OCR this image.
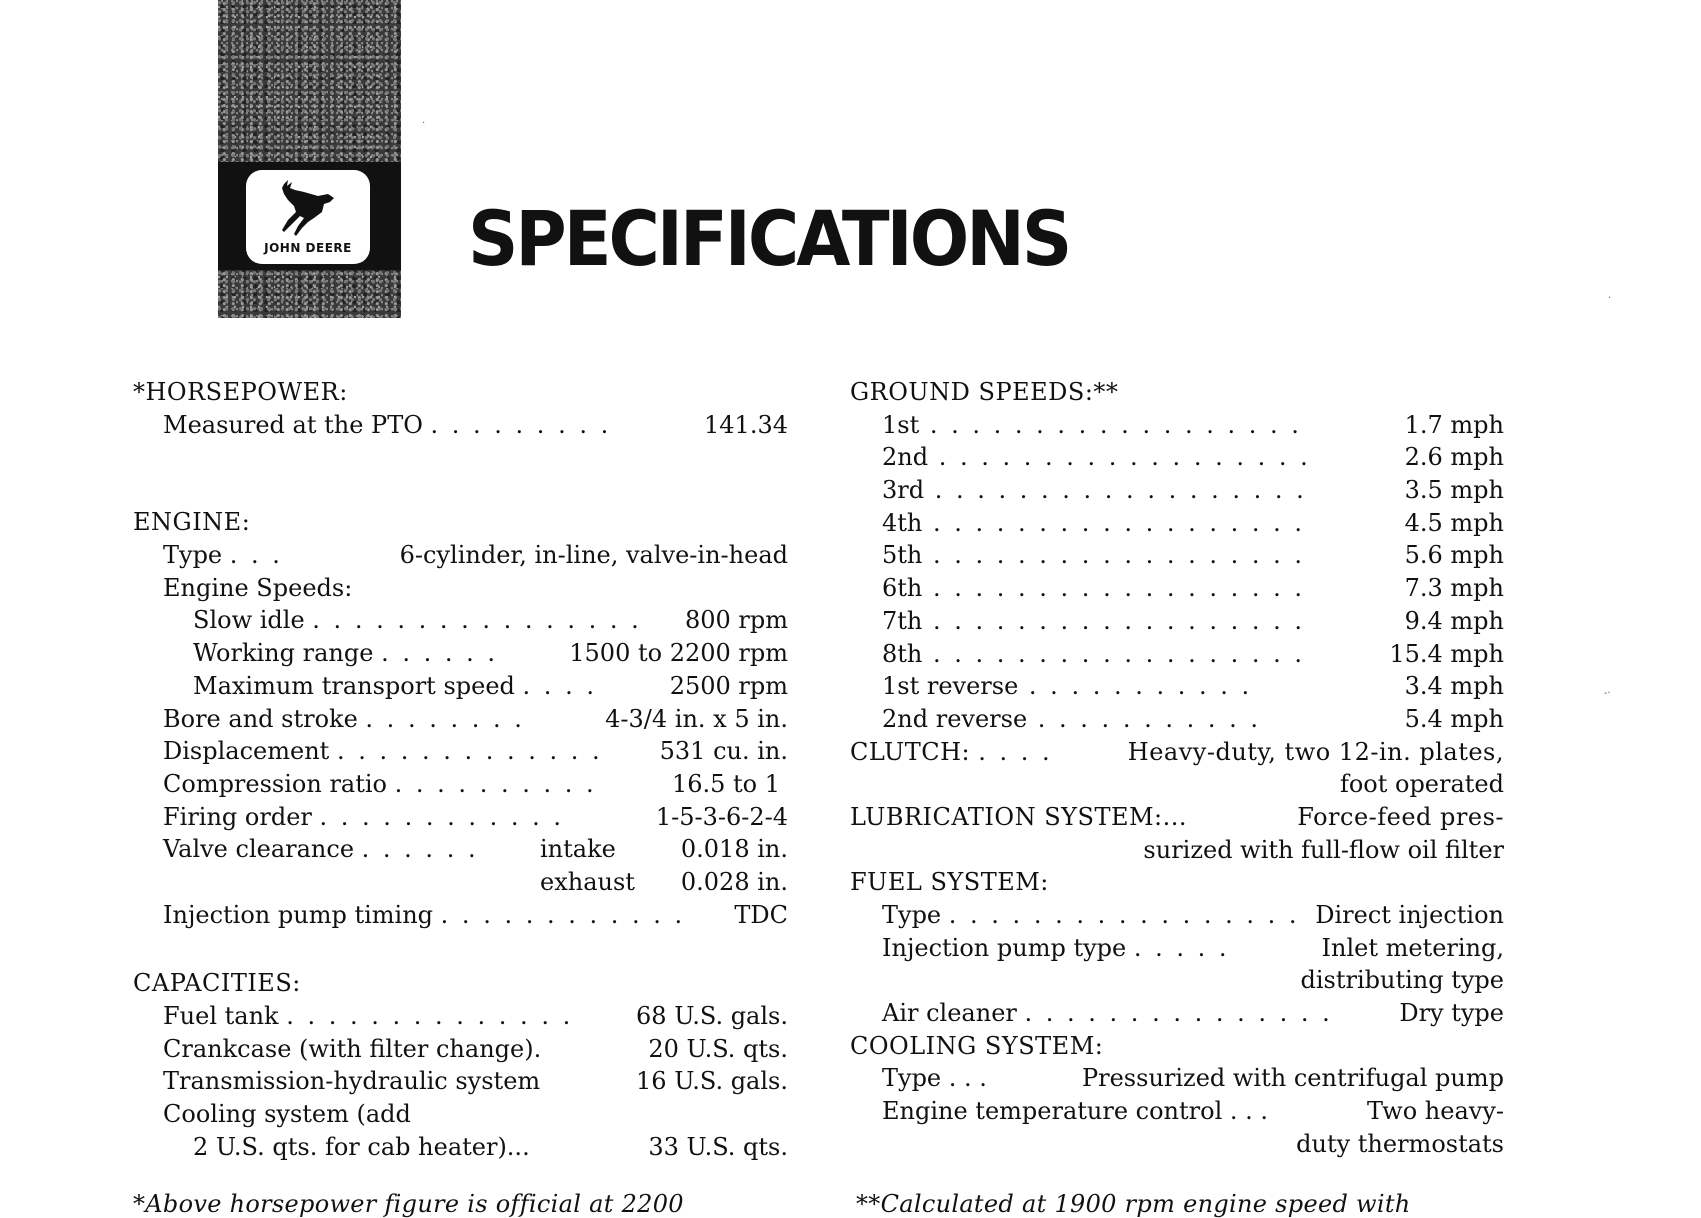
JOHN DEERE SPECIFICATIONS
*HORSEPOWER:
Measured at the PTO . . . . . . . . .	141.34
ENGINE:
Type . . .	6-cylinder, in-line, valve-in-head
Engine Speeds:
Slow idle . . . . . . . . . . . . . . . . 800 rpm
Working range . . . . . .	1500 to 2200 rpm
Maximum transport speed . . . .	2500 rpm
Bore and stroke . . . . . . . .	4-3/4 in. x 5 in.
Displacement . . . . . . . . . . . . . 531 cu. in.
Compression ratio . . . . . . . . . .	16.5 to 1
Firing order . . . . . . . . . . . .	1-5-3-6-2-4
Valve clearance . . . . . .	intake	0.018 in.
exhaust 0.028 in.
Injection pump timing . . . . . . . . . . . . TDC
CAPACITIES:
Fuel tank . . . . . . . . . . . . . .	68 U.S. gals.
Crankcase (with filter change).	20 U.S. qts.
Transmission-hydraulic system	16 U.S. gals.
Cooling system (add
2 U.S. qts. for cab heater)...	33 U.S. qts.
GROUND SPEEDS:**
1st . . . . . . . . . . . . . . . . . .	1.7 mph
2nd . . . . . . . . . . . . . . . . . .	2.6 mph
3rd . . . . . . . . . . . . . . . . . .	3.5 mph
4th . . . . . . . . . . . . . . . . . .	4.5 mph
5th . . . . . . . . . . . . . . . . . .	5.6 mph
6th . . . . . . . . . . . . . . . . . .	7.3 mph
7th . . . . . . . . . . . . . . . . . .	9.4 mph
8th . . . . . . . . . . . . . . . . . .	15.4 mph
1st reverse . . . . . . . . . . .	3.4 mph
2nd reverse . . . . . . . . . . .	5.4 mph
CLUTCH: . . . .	Heavy-duty, two 12-in. plates,
foot operated
LUBRICATION SYSTEM:...	Force-feed pres-
surized with full-flow oil filter
FUEL SYSTEM:
Type . . . . . . . . . . . . . . . . . Direct injection
Injection pump type . . . . .	Inlet metering,
distributing type
Air cleaner . . . . . . . . . . . . . . .	Dry type
COOLING SYSTEM:
Type . . .	Pressurized with centrifugal pump
Engine temperature control . . .	Two heavy-
duty thermostats
*Above horsepower figure is official at 2200	**Calculated at 1900 rpm engine speed with
·
·
-·
